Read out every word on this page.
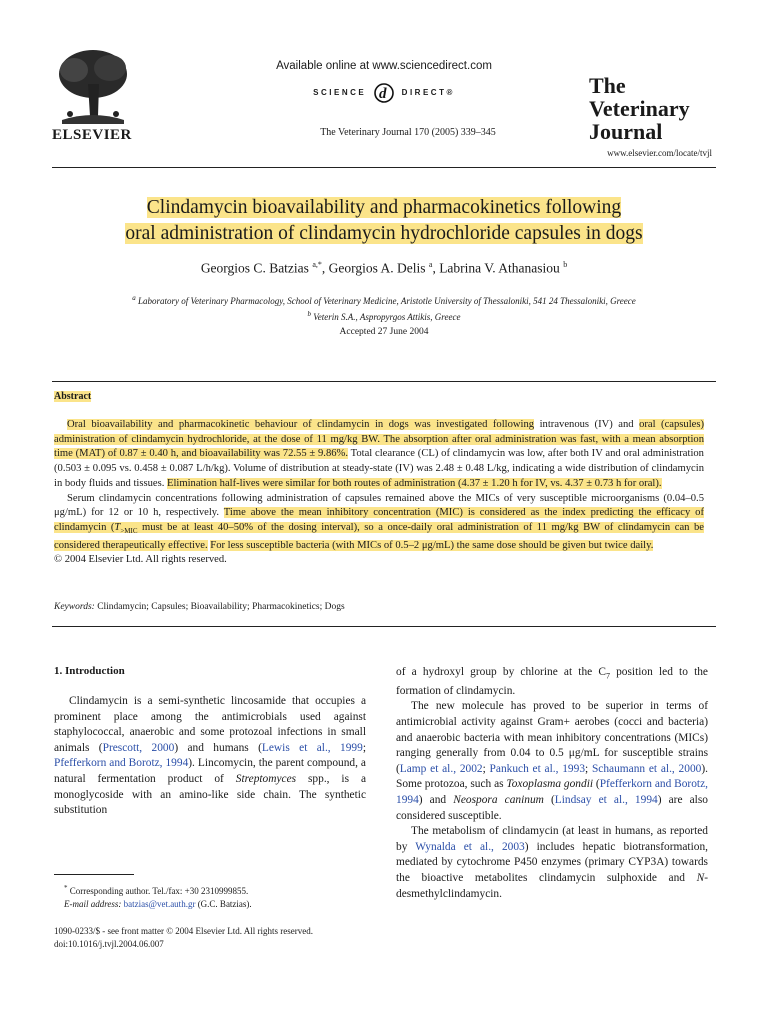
ELSEVIER
Available online at www.sciencedirect.com
SCIENCE d DIRECT®
The Veterinary Journal 170 (2005) 339–345
The
Veterinary Journal
www.elsevier.com/locate/tvjl
Clindamycin bioavailability and pharmacokinetics following
oral administration of clindamycin hydrochloride capsules in dogs
Georgios C. Batzias $^{a,*}$, Georgios A. Delis $^a$, Labrina V. Athanasiou $^b$
$^a$ Laboratory of Veterinary Pharmacology, School of Veterinary Medicine, Aristotle University of Thessaloniki, 541 24 Thessaloniki, Greece
$^b$ Veterin S.A., Aspropyrgos Attikis, Greece
Accepted 27 June 2004
Abstract

Oral bioavailability and pharmacokinetic behaviour of clindamycin in dogs was investigated following intravenous (IV) and oral (capsules) administration of clindamycin hydrochloride, at the dose of 11 mg/kg BW. The absorption after oral administration was fast, with a mean absorption time (MAT) of 0.87 ± 0.40 h, and bioavailability was 72.55 ± 9.86%. Total clearance (CL) of clindamycin was low, after both IV and oral administration (0.503 ± 0.095 vs. 0.458 ± 0.087 L/h/kg). Volume of distribution at steady-state (IV) was 2.48 ± 0.48 L/kg, indicating a wide distribution of clindamycin in body fluids and tissues. Elimination half-lives were similar for both routes of administration (4.37 ± 1.20 h for IV, vs. 4.37 ± 0.73 h for oral).

Serum clindamycin concentrations following administration of capsules remained above the MICs of very susceptible microorganisms (0.04–0.5 μg/mL) for 12 or 10 h, respectively. Time above the mean inhibitory concentration (MIC) is considered as the index predicting the efficacy of clindamycin ($T_{>MIC}$ must be at least 40–50% of the dosing interval), so a once-daily oral administration of 11 mg/kg BW of clindamycin can be considered therapeutically effective. For less susceptible bacteria (with MICs of 0.5–2 μg/mL) the same dose should be given but twice daily.

© 2004 Elsevier Ltd. All rights reserved.

Keywords: Clindamycin; Capsules; Bioavailability; Pharmacokinetics; Dogs
1. Introduction

Clindamycin is a semi-synthetic lincosamide that occupies a prominent place among the antimicrobials used against staphylococcal, anaerobic and some protozoal infections in small animals (Prescott, 2000) and humans (Lewis et al., 1999; Pfefferkorn and Borotz, 1994). Lincomycin, the parent compound, a natural fermentation product of Streptomyces spp., is a monoglycoside with an amino-like side chain. The synthetic substitution

of a hydroxyl group by chlorine at the $C_7$ position led to the formation of clindamycin.

The new molecule has proved to be superior in terms of antimicrobial activity against Gram+ aerobes (cocci and bacteria) and anaerobic bacteria with mean inhibitory concentrations (MICs) ranging generally from 0.04 to 0.5 μg/mL for susceptible strains (Lamp et al., 2002; Pankuch et al., 1993; Schaumann et al., 2000). Some protozoa, such as Toxoplasma gondii (Pfefferkorn and Borotz, 1994) and Neospora caninum (Lindsay et al., 1994) are also considered susceptible.

The metabolism of clindamycin (at least in humans, as reported by Wynalda et al., 2003) includes hepatic biotransformation, mediated by cytochrome P450 enzymes (primary CYP3A) towards the bioactive metabolites clindamycin sulphoxide and N-desmethylclindamycin.

* Corresponding author. Tel./fax: +30 2310999855.

E-mail address: batzias@vet.auth.gr (G.C. Batzias).

1090-0233/$ - see front matter © 2004 Elsevier Ltd. All rights reserved.
doi:10.1016/j.tvjl.2004.06.007
